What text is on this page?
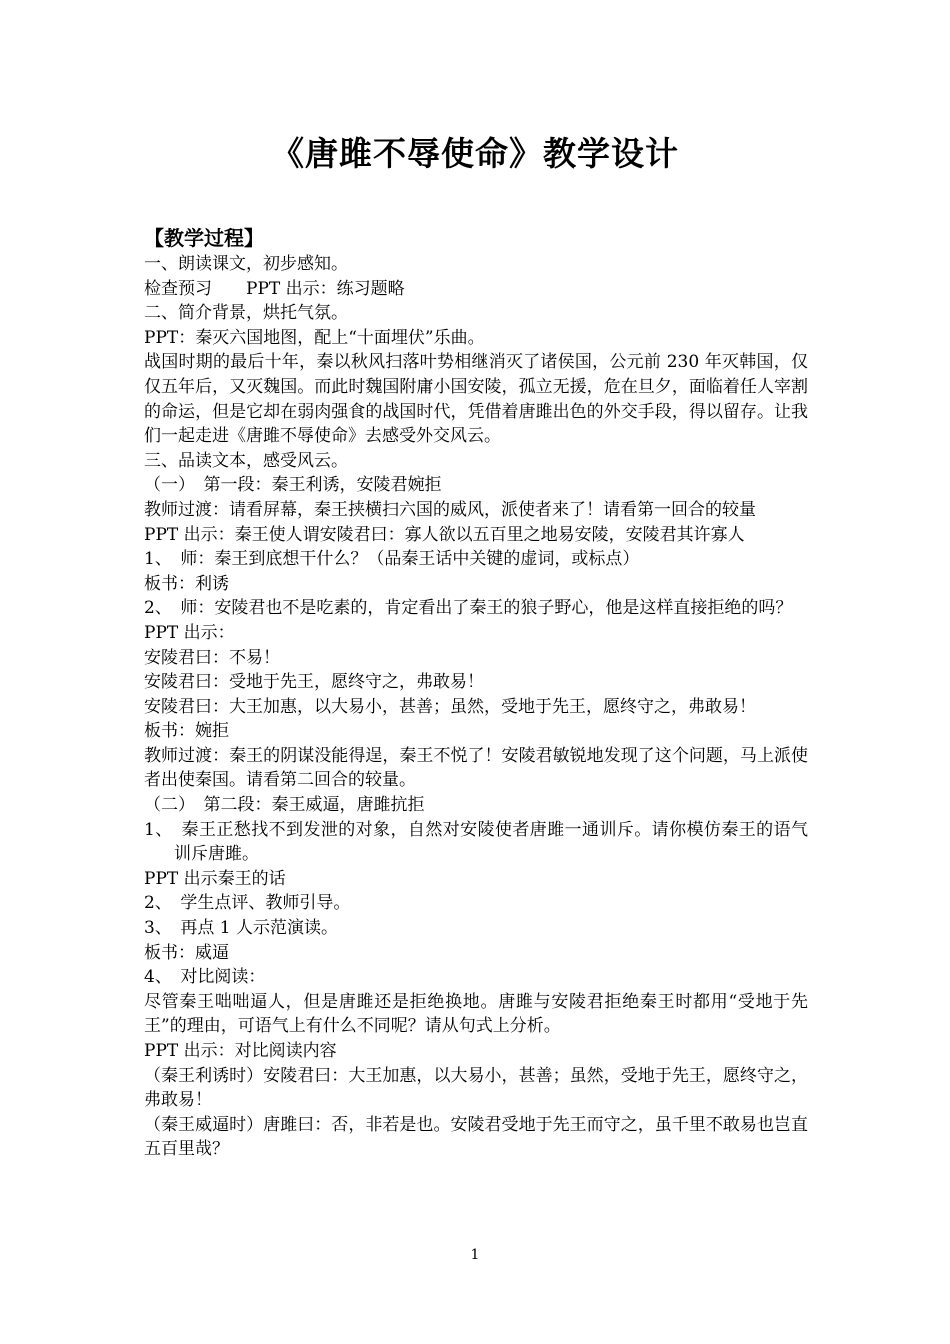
《唐雎不辱使命》教学设计
【教学过程】
一、朗读课文，初步感知。
检查预习　　PPT 出示：练习题略
二、简介背景，烘托气氛。
PPT：秦灭六国地图，配上“十面埋伏”乐曲。
战国时期的最后十年，秦以秋风扫落叶势相继消灭了诸侯国，公元前 230 年灭韩国，仅仅五年后，又灭魏国。而此时魏国附庸小国安陵，孤立无援，危在旦夕，面临着任人宰割的命运，但是它却在弱肉强食的战国时代，凭借着唐雎出色的外交手段，得以留存。让我们一起走进《唐雎不辱使命》去感受外交风云。
三、品读文本，感受风云。
（一）　第一段：秦王利诱，安陵君婉拒
教师过渡：请看屏幕，秦王挟横扫六国的威风，派使者来了！请看第一回合的较量
PPT 出示：秦王使人谓安陵君曰：寡人欲以五百里之地易安陵，安陵君其许寡人
1、　师：秦王到底想干什么？（品秦王话中关键的虚词，或标点）
板书：利诱
2、　师：安陵君也不是吃素的，肯定看出了秦王的狼子野心，他是这样直接拒绝的吗？
PPT 出示：
安陵君曰：不易！
安陵君曰：受地于先王，愿终守之，弗敢易！
安陵君曰：大王加惠，以大易小，甚善；虽然，受地于先王，愿终守之，弗敢易！
板书：婉拒
教师过渡：秦王的阴谋没能得逞，秦王不悦了！安陵君敏锐地发现了这个问题，马上派使者出使秦国。请看第二回合的较量。
（二）　第二段：秦王威逼，唐雎抗拒
1、　秦王正愁找不到发泄的对象，自然对安陵使者唐雎一通训斥。请你模仿秦王的语气训斥唐雎。
PPT 出示秦王的话
2、　学生点评、教师引导。
3、　再点 1 人示范演读。
板书：威逼
4、　对比阅读：
尽管秦王咄咄逼人，但是唐雎还是拒绝换地。唐雎与安陵君拒绝秦王时都用“受地于先王”的理由，可语气上有什么不同呢？请从句式上分析。
PPT 出示：对比阅读内容
（秦王利诱时）安陵君曰：大王加惠，以大易小，甚善；虽然，受地于先王，愿终守之，弗敢易！
（秦王威逼时）唐雎曰：否，非若是也。安陵君受地于先王而守之，虽千里不敢易也岂直五百里哉？
1
